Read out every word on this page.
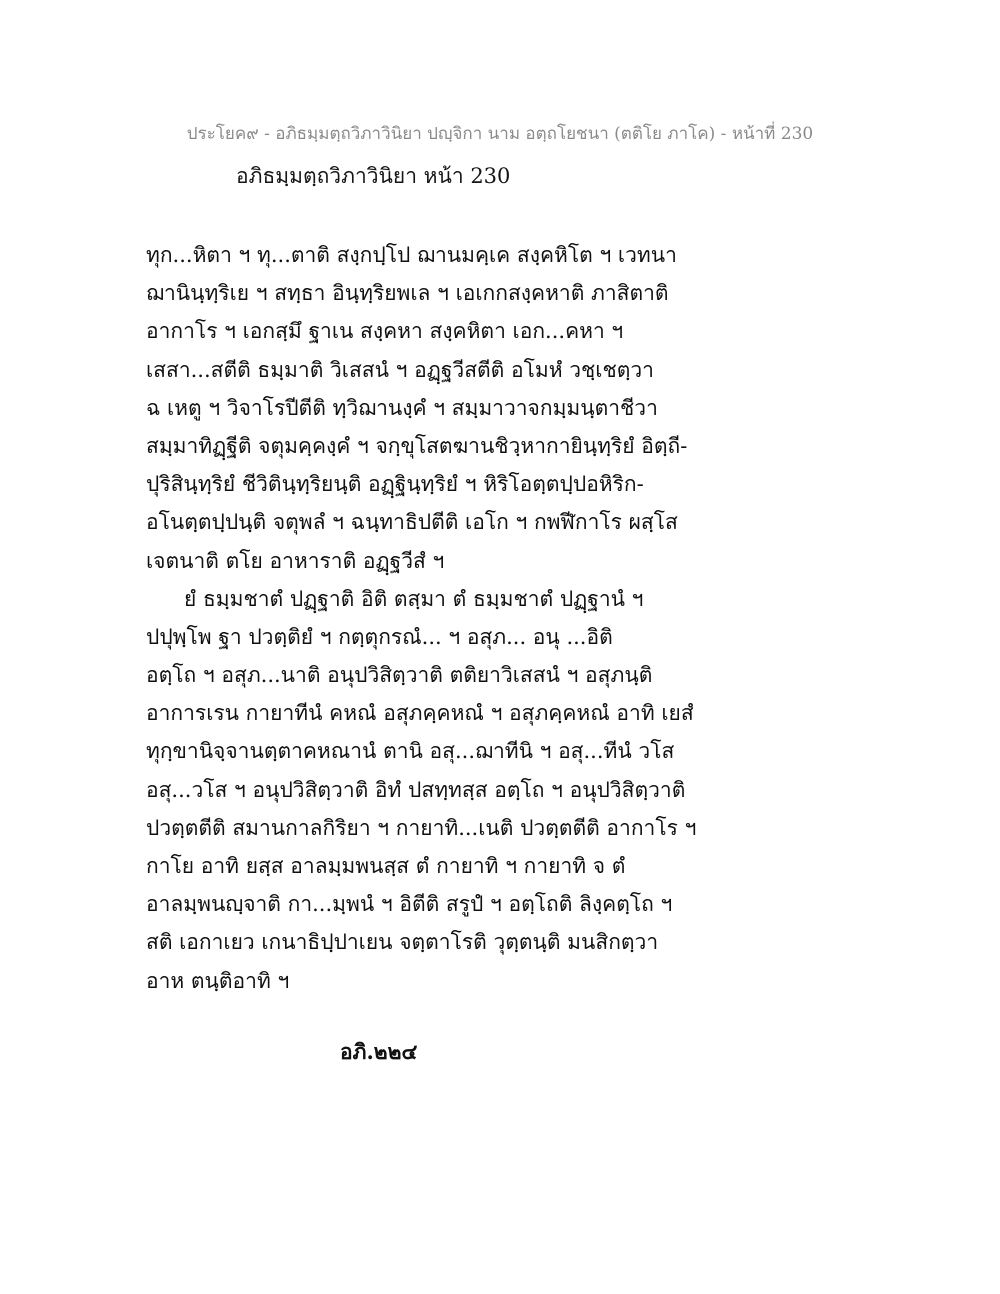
ประโยค๙ - อภิธมฺมตฺถวิภาวินิยา ปญฺจิกา นาม อตฺถโยชนา (ตติโย ภาโค) - หน้าที่ 230
อภิธมฺมตฺถวิภาวินิยา หน้า 230
ทุก...หิตา ฯ ทุ...ตาติ สงฺกปฺโป ฌานมคฺเค สงฺคหิโต ฯ เวทนา
ฌานินฺทฺริเย ฯ สทฺธา อินฺทฺริยพเล ฯ เอเกกสงฺคหาติ ภาสิตาติ
อากาโร ฯ เอกสฺมึ ฐาเน สงฺคหา สงฺคหิตา เอก...คหา ฯ
เสสา...สตีติ ธมฺมาติ วิเสสนํ ฯ อฏฺฐวีสตีติ อโมหํ วชฺเชตฺวา
ฉ เหตู ฯ วิจาโรปีตีติ ทฺวิฌานงฺคํ ฯ สมฺมาวาจกมฺมนฺตาชีวา
สมฺมาทิฏฺฐีติ จตุมคฺคงฺคํ ฯ จกฺขุโสตฆานชิวฺหากายินฺทฺริยํ อิตฺถี-
ปุริสินฺทฺริยํ ชีวิตินฺทฺริยนฺติ อฏฺฐินฺทฺริยํ ฯ หิริโอตฺตปฺปอหิริก-
อโนตฺตปฺปนฺติ จตุพลํ ฯ ฉนฺทาธิปตีติ เอโก ฯ กพฬีกาโร ผสฺโส
เจตนาติ ตโย อาหาราติ อฏฺฐวีสํ ฯ
ยํ ธมฺมชาตํ ปฏฺฐาติ อิติ ตสฺมา ตํ ธมฺมชาตํ ปฏฺฐานํ ฯ
ปปุพฺโพ ฐา ปวตฺติยํ ฯ กตฺตุกรณํ... ฯ อสุภ... อนุ ...อิติ
อตฺโถ ฯ อสุภ...นาติ อนุปวิสิตฺวาติ ตติยาวิเสสนํ ฯ อสุภนฺติ
อาการเรน กายาทีนํ คหณํ อสุภคฺคหณํ ฯ อสุภคฺคหณํ อาทิ เยสํ
ทุกฺขานิจฺจานตฺตาคหณานํ ตานิ อสุ...ฌาทีนิ ฯ อสุ...ทีนํ วโส
อสุ...วโส ฯ อนุปวิสิตฺวาติ อิทํ ปสทฺทสฺส อตฺโถ ฯ อนุปวิสิตฺวาติ
ปวตฺตตีติ สมานกาลกิริยา ฯ กายาทิ...เนติ ปวตฺตตีติ อากาโร ฯ
กาโย อาทิ ยสฺส อาลมฺมพนสฺส ตํ กายาทิ ฯ กายาทิ จ ตํ
อาลมฺพนญฺจาติ กา...มฺพนํ ฯ อิตีติ สรูปํ ฯ อตฺโถติ ลิงฺคตฺโถ ฯ
สติ เอกาเยว เกนาธิปฺปาเยน จตฺตาโรติ วุตฺตนฺติ มนสิกตฺวา
อาห ตนฺติอาทิ ฯ
อภิ.๒๒๔
